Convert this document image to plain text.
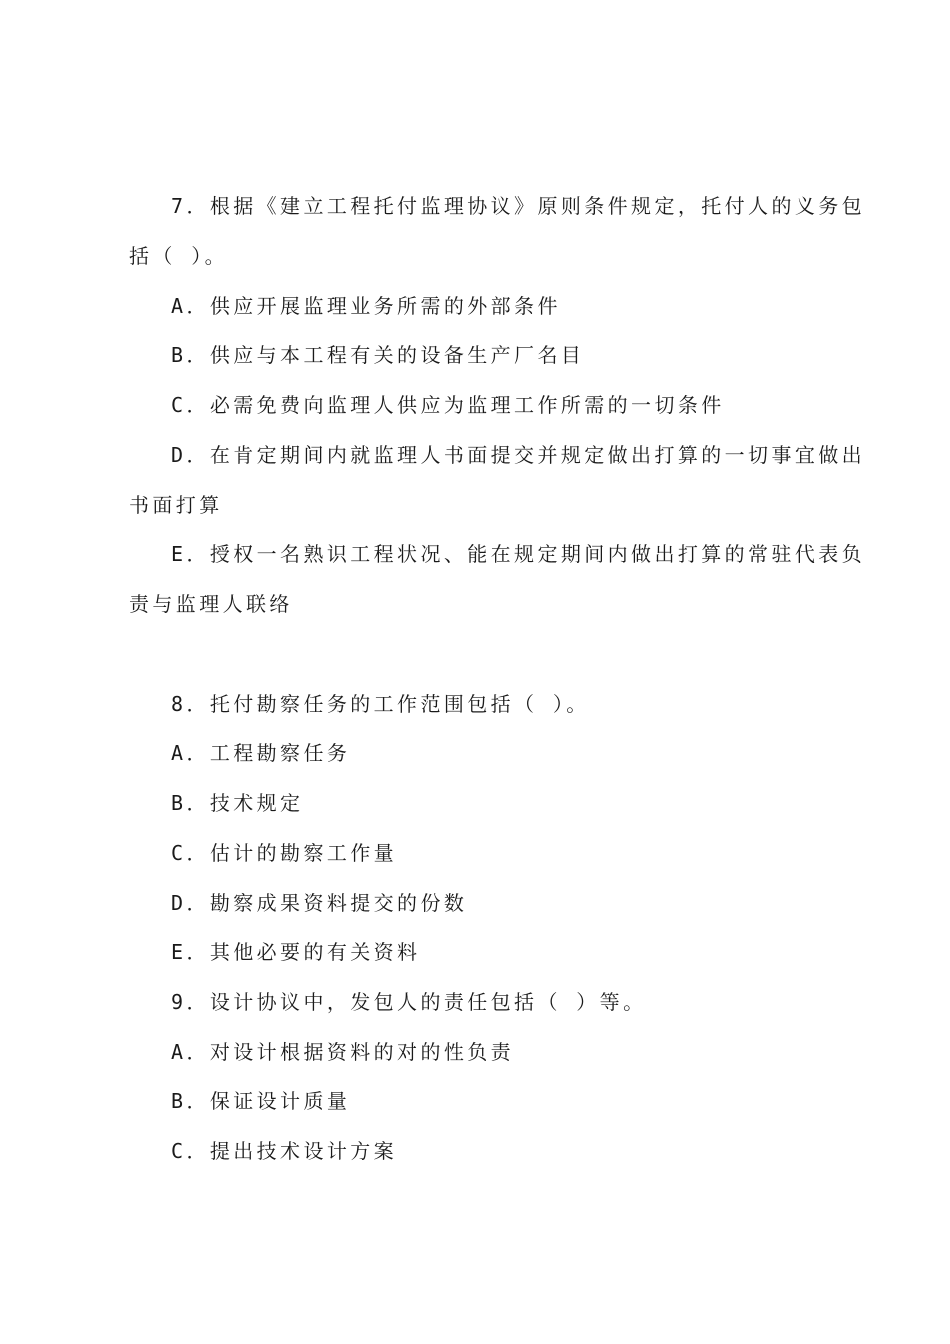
7．根据《建立工程托付监理协议》原则条件规定，托付人的义务包
括（ ）。
A．供应开展监理业务所需的外部条件
B．供应与本工程有关的设备生产厂名目
C．必需免费向监理人供应为监理工作所需的一切条件
D．在肯定期间内就监理人书面提交并规定做出打算的一切事宜做出
书面打算
E．授权一名熟识工程状况、能在规定期间内做出打算的常驻代表负
责与监理人联络
8．托付勘察任务的工作范围包括（ ）。
A．工程勘察任务
B．技术规定
C．估计的勘察工作量
D．勘察成果资料提交的份数
E．其他必要的有关资料
9．设计协议中，发包人的责任包括（ ）等。
A．对设计根据资料的对的性负责
B．保证设计质量
C．提出技术设计方案
